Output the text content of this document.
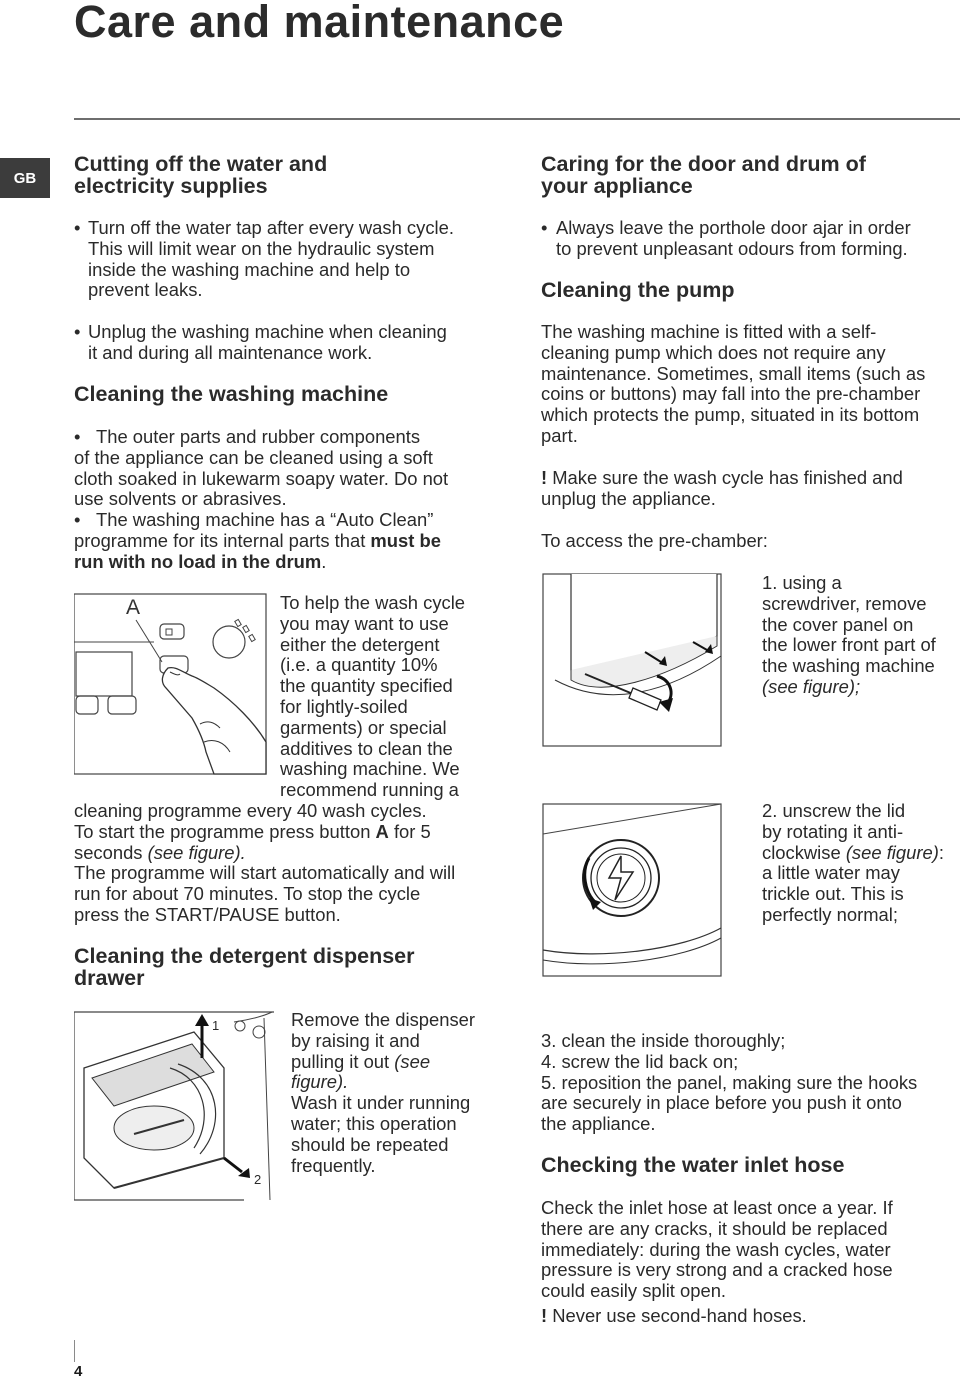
Care and maintenance
GB
Cutting off the water and
electricity supplies
• Turn off the water tap after every wash cycle.
This will limit wear on the hydraulic system
inside the washing machine and help to
prevent leaks.
• Unplug the washing machine when cleaning
it and during all maintenance work.
Cleaning the washing machine
• The outer parts and rubber components
of the appliance can be cleaned using a soft
cloth soaked in lukewarm soapy water. Do not
use solvents or abrasives.
• The washing machine has a “Auto Clean”
programme for its internal parts that must be
run with no load in the drum.
A	To help the wash cycle
you may want to use
either the detergent
(i.e. a quantity 10%
the quantity specified
for lightly-soiled
garments) or special
additives to clean the
washing machine. We
recommend running a
cleaning programme every 40 wash cycles.
To start the programme press button A for 5
seconds (see figure).
The programme will start automatically and will
run for about 70 minutes. To stop the cycle
press the START/PAUSE button.
Cleaning the detergent dispenser
drawer
1
2
Remove the dispenser
by raising it and
pulling it out (see
figure).
Wash it under running
water; this operation
should be repeated
frequently.
Caring for the door and drum of
your appliance
• Always leave the porthole door ajar in order
to prevent unpleasant odours from forming.
Cleaning the pump
The washing machine is fitted with a self-
cleaning pump which does not require any
maintenance. Sometimes, small items (such as
coins or buttons) may fall into the pre-chamber
which protects the pump, situated in its bottom
part.
! Make sure the wash cycle has finished and
unplug the appliance.
To access the pre-chamber:
1. using a
screwdriver, remove
the cover panel on
the lower front part of
the washing machine
(see figure);
2. unscrew the lid
by rotating it anti-
clockwise (see figure):
a little water may
trickle out. This is
perfectly normal;
3. clean the inside thoroughly;
4. screw the lid back on;
5. reposition the panel, making sure the hooks
are securely in place before you push it onto
the appliance.
Checking the water inlet hose
Check the inlet hose at least once a year. If
there are any cracks, it should be replaced
immediately: during the wash cycles, water
pressure is very strong and a cracked hose
could easily split open.
! Never use second-hand hoses.
4
